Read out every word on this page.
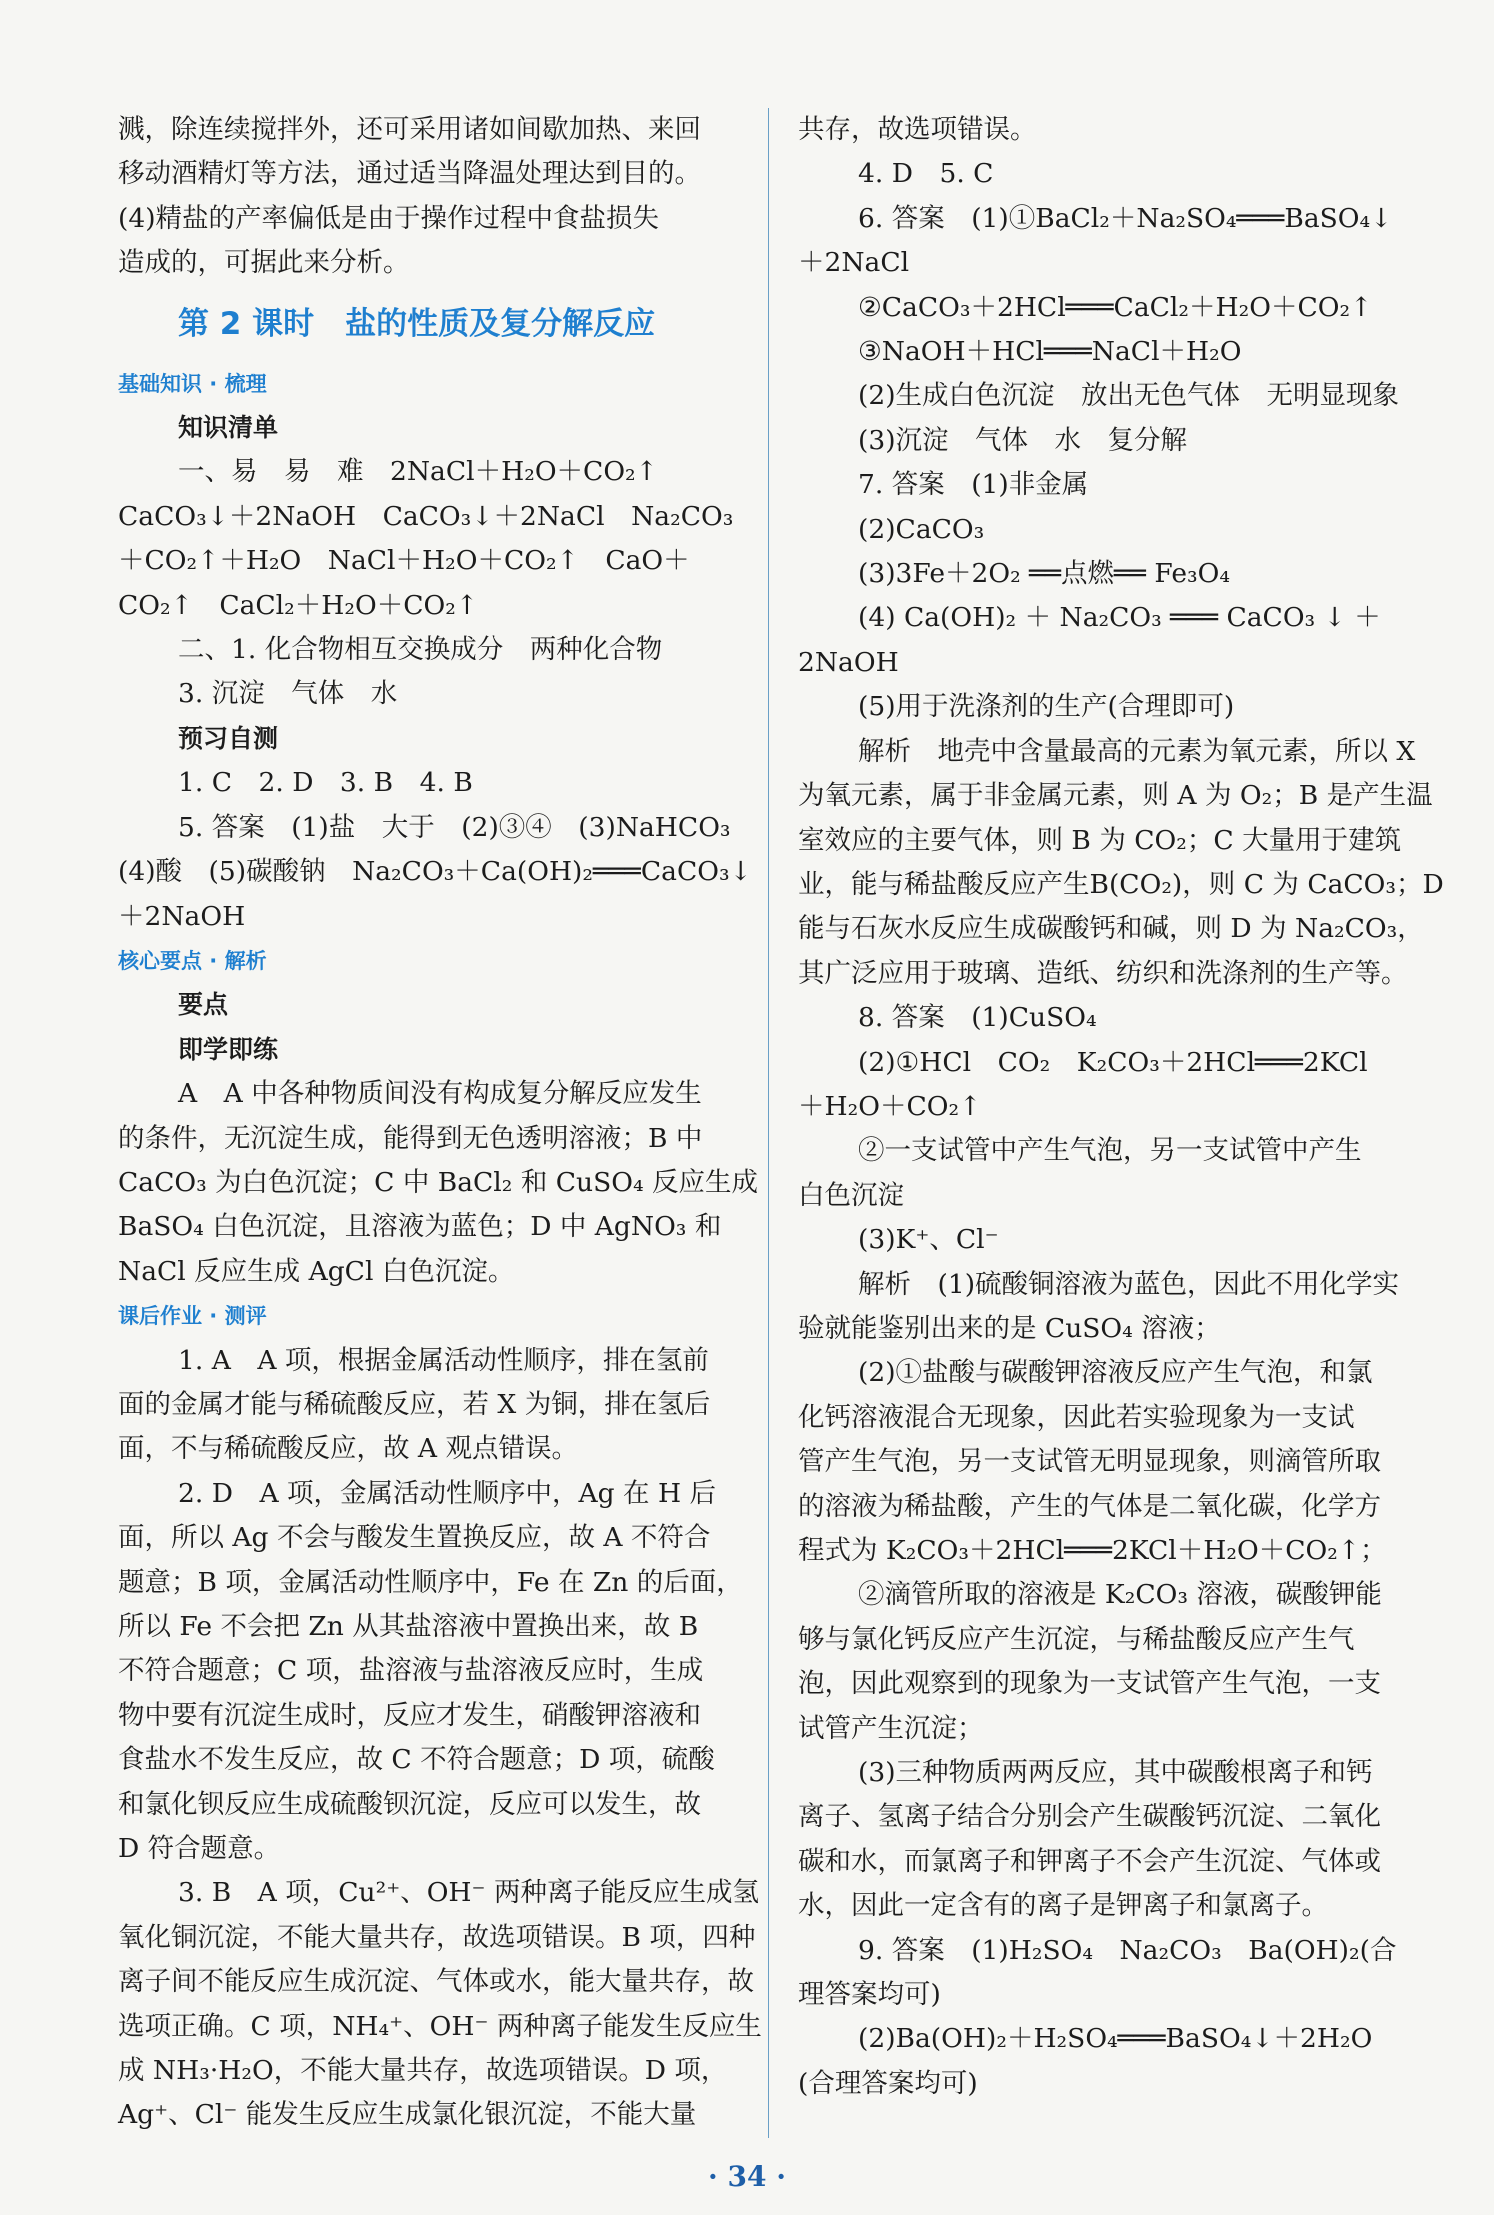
溅，除连续搅拌外，还可采用诸如间歇加热、来回

移动酒精灯等方法，通过适当降温处理达到目的。

(4)精盐的产率偏低是由于操作过程中食盐损失

造成的，可据此来分析。

第 2 课时　盐的性质及复分解反应
基础知识 · 梳理

知识清单

一、易　易　难　2NaCl＋H₂O＋CO₂↑

CaCO₃↓＋2NaOH　CaCO₃↓＋2NaCl　Na₂CO₃

＋CO₂↑＋H₂O　NaCl＋H₂O＋CO₂↑　CaO＋

CO₂↑　CaCl₂＋H₂O＋CO₂↑

二、1. 化合物相互交换成分　两种化合物

3. 沉淀　气体　水

预习自测

1. C　2. D　3. B　4. B

5. 答案　(1)盐　大于　(2)③④　(3)NaHCO₃

(4)酸　(5)碳酸钠　Na₂CO₃＋Ca(OH)₂═══CaCO₃↓

＋2NaOH

核心要点 · 解析

要点

即学即练

A　A 中各种物质间没有构成复分解反应发生

的条件，无沉淀生成，能得到无色透明溶液；B 中

CaCO₃ 为白色沉淀；C 中 BaCl₂ 和 CuSO₄ 反应生成

BaSO₄ 白色沉淀，且溶液为蓝色；D 中 AgNO₃ 和

NaCl 反应生成 AgCl 白色沉淀。

课后作业 · 测评

1. A　A 项，根据金属活动性顺序，排在氢前

面的金属才能与稀硫酸反应，若 X 为铜，排在氢后

面，不与稀硫酸反应，故 A 观点错误。

2. D　A 项，金属活动性顺序中，Ag 在 H 后

面，所以 Ag 不会与酸发生置换反应，故 A 不符合

题意；B 项，金属活动性顺序中，Fe 在 Zn 的后面，

所以 Fe 不会把 Zn 从其盐溶液中置换出来，故 B

不符合题意；C 项，盐溶液与盐溶液反应时，生成

物中要有沉淀生成时，反应才发生，硝酸钾溶液和

食盐水不发生反应，故 C 不符合题意；D 项，硫酸

和氯化钡反应生成硫酸钡沉淀，反应可以发生，故

D 符合题意。

3. B　A 项，Cu²⁺、OH⁻ 两种离子能反应生成氢

氧化铜沉淀，不能大量共存，故选项错误。B 项，四种

离子间不能反应生成沉淀、气体或水，能大量共存，故

选项正确。C 项，NH₄⁺、OH⁻ 两种离子能发生反应生

成 NH₃·H₂O，不能大量共存，故选项错误。D 项，

Ag⁺、Cl⁻ 能发生反应生成氯化银沉淀，不能大量

共存，故选项错误。

4. D　5. C

6. 答案　(1)①BaCl₂＋Na₂SO₄═══BaSO₄↓

＋2NaCl

②CaCO₃＋2HCl═══CaCl₂＋H₂O＋CO₂↑

③NaOH＋HCl═══NaCl＋H₂O

(2)生成白色沉淀　放出无色气体　无明显现象

(3)沉淀　气体　水　复分解

7. 答案　(1)非金属

(2)CaCO₃

(3)3Fe＋2O₂ ══点燃══ Fe₃O₄

(4) Ca(OH)₂ ＋ Na₂CO₃ ═══ CaCO₃ ↓ ＋

2NaOH

(5)用于洗涤剂的生产(合理即可)

解析　地壳中含量最高的元素为氧元素，所以 X

为氧元素，属于非金属元素，则 A 为 O₂；B 是产生温

室效应的主要气体，则 B 为 CO₂；C 大量用于建筑

业，能与稀盐酸反应产生B(CO₂)，则 C 为 CaCO₃；D

能与石灰水反应生成碳酸钙和碱，则 D 为 Na₂CO₃，

其广泛应用于玻璃、造纸、纺织和洗涤剂的生产等。

8. 答案　(1)CuSO₄

(2)①HCl　CO₂　K₂CO₃＋2HCl═══2KCl

＋H₂O＋CO₂↑

②一支试管中产生气泡，另一支试管中产生

白色沉淀

(3)K⁺、Cl⁻

解析　(1)硫酸铜溶液为蓝色，因此不用化学实

验就能鉴别出来的是 CuSO₄ 溶液；

(2)①盐酸与碳酸钾溶液反应产生气泡，和氯

化钙溶液混合无现象，因此若实验现象为一支试

管产生气泡，另一支试管无明显现象，则滴管所取

的溶液为稀盐酸，产生的气体是二氧化碳，化学方

程式为 K₂CO₃＋2HCl═══2KCl＋H₂O＋CO₂↑；

②滴管所取的溶液是 K₂CO₃ 溶液，碳酸钾能

够与氯化钙反应产生沉淀，与稀盐酸反应产生气

泡，因此观察到的现象为一支试管产生气泡，一支

试管产生沉淀；

(3)三种物质两两反应，其中碳酸根离子和钙

离子、氢离子结合分别会产生碳酸钙沉淀、二氧化

碳和水，而氯离子和钾离子不会产生沉淀、气体或

水，因此一定含有的离子是钾离子和氯离子。

9. 答案　(1)H₂SO₄　Na₂CO₃　Ba(OH)₂(合

理答案均可)

(2)Ba(OH)₂＋H₂SO₄═══BaSO₄↓＋2H₂O

(合理答案均可)

· 34 ·
